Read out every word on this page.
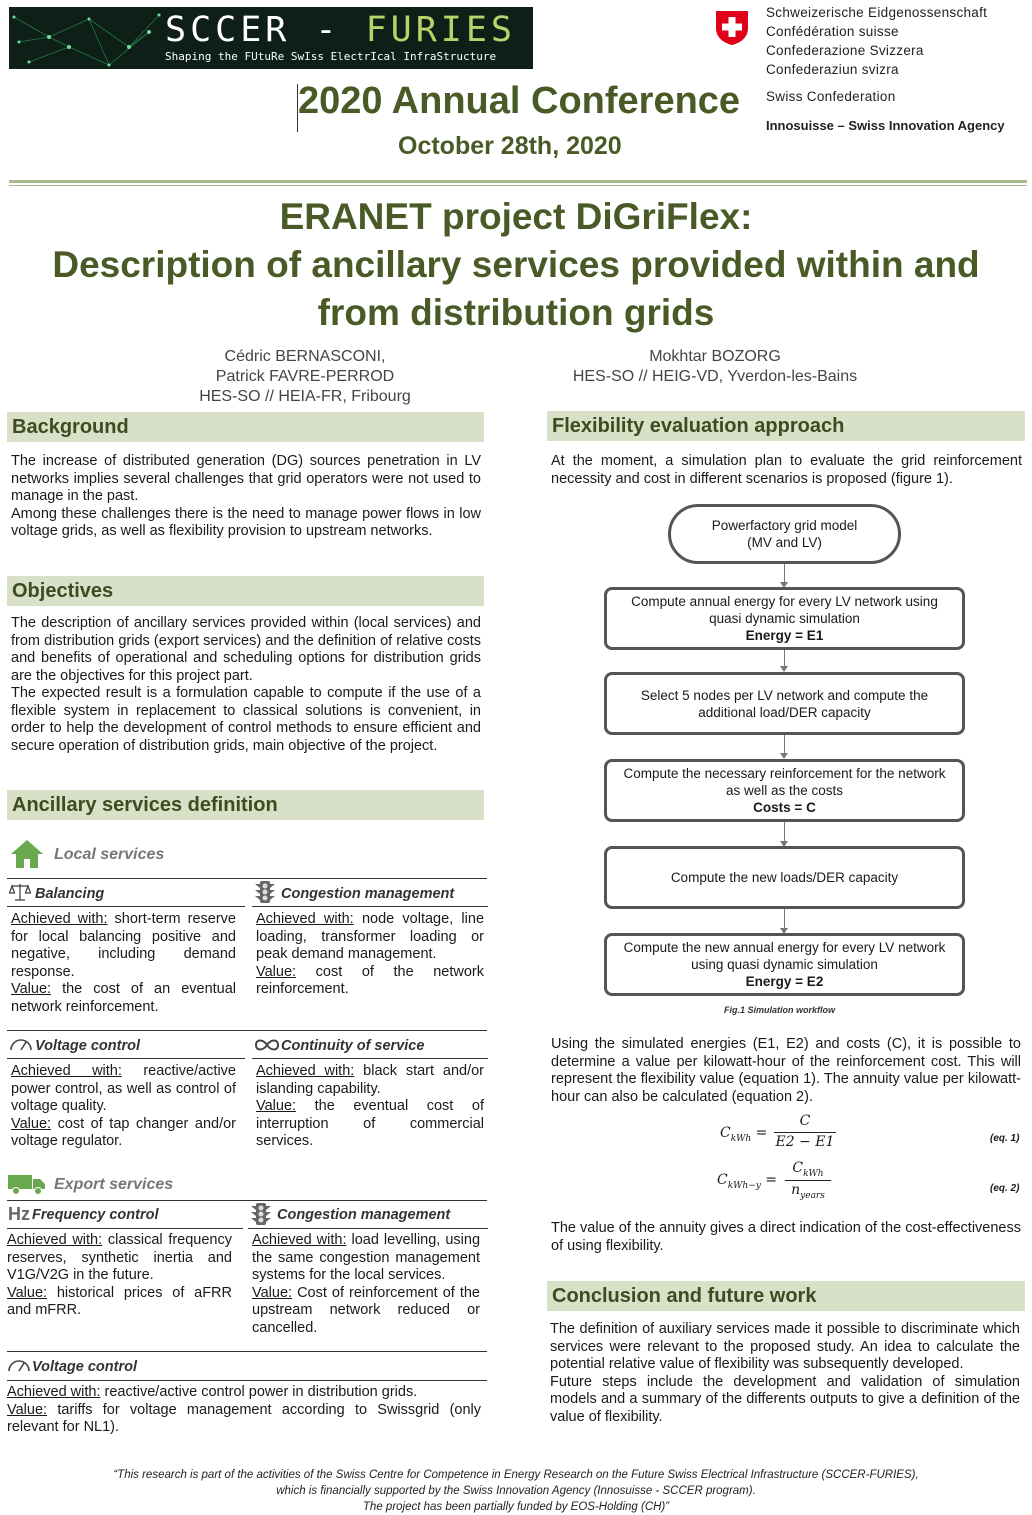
SCCER - FURIES
Shaping the FUtuRe SwIss ElectrIcal InfraStructure
2020 Annual Conference
October 28th, 2020
Schweizerische Eidgenossenschaft
Confédération suisse
Confederazione Svizzera
Confederaziun svizra
Swiss Confederation
Innosuisse – Swiss Innovation Agency
ERANET project DiGriFlex:
Description of ancillary services provided within and
from distribution grids
Cédric BERNASCONI,
Patrick FAVRE-PERROD
HES-SO // HEIA-FR, Fribourg
Mokhtar BOZORG
HES-SO // HEIG-VD, Yverdon-les-Bains
Background
The increase of distributed generation (DG) sources penetration in LV networks implies several challenges that grid operators were not used to manage in the past.
Among these challenges there is the need to manage power flows in low voltage grids, as well as flexibility provision to upstream networks.
Objectives
The description of ancillary services provided within (local services) and from distribution grids (export services) and the definition of relative costs and benefits of operational and scheduling options for distribution grids are the objectives for this project part.
The expected result is a formulation capable to compute if the use of a flexible system in replacement to classical solutions is convenient, in order to help the development of control methods to ensure efficient and secure operation of distribution grids, main objective of the project.
Ancillary services definition
Local services
Balancing
Achieved with: short-term reserve for local balancing positive and negative, including demand response.
Value: the cost of an eventual network reinforcement.
Congestion management
Achieved with: node voltage, line loading, transformer loading or peak demand management.
Value: cost of the network reinforcement.
Voltage control
Achieved with: reactive/active power control, as well as control of voltage quality.
Value: cost of tap changer and/or voltage regulator.
Continuity of service
Achieved with: black start and/or islanding capability.
Value: the eventual cost of interruption of commercial services.
Export services
Hz Frequency control
Achieved with: classical frequency reserves, synthetic inertia and V1G/V2G in the future.
Value: historical prices of aFRR and mFRR.
Congestion management
Achieved with: load levelling, using the same congestion management systems for the local services.
Value: Cost of reinforcement of the upstream network reduced or cancelled.
Voltage control
Achieved with: reactive/active control power in distribution grids.
Value: tariffs for voltage management according to Swissgrid (only relevant for NL1).
Flexibility evaluation approach
At the moment, a simulation plan to evaluate the grid reinforcement necessity and cost in different scenarios is proposed (figure 1).
Powerfactory grid model
(MV and LV)
Compute annual energy for every LV network using
quasi dynamic simulation
Energy = E1
Select 5 nodes per LV network and compute the
additional load/DER capacity
Compute the necessary reinforcement for the network
as well as the costs
Costs = C
Compute the new loads/DER capacity
Compute the new annual energy for every LV network
using quasi dynamic simulation
Energy = E2
Fig.1 Simulation workflow
Using the simulated energies (E1, E2) and costs (C), it is possible to determine a value per kilowatt-hour of the reinforcement cost. This will represent the flexibility value (equation 1). The annuity value per kilowatt-hour can also be calculated (equation 2).
$C_{kWh}$ =
C
E2 − E1	(eq. 1)
$C_{kWh-y}$ =
$C_{kWh}$
$n_{years}$
(eq. 2)
The value of the annuity gives a direct indication of the cost-effectiveness of using flexibility.
Conclusion and future work
The definition of auxiliary services made it possible to discriminate which services were relevant to the proposed study. An idea to calculate the potential relative value of flexibility was subsequently developed.
Future steps include the development and validation of simulation models and a summary of the differents outputs to give a definition of the value of flexibility.
“This research is part of the activities of the Swiss Centre for Competence in Energy Research on the Future Swiss Electrical Infrastructure (SCCER-FURIES),
which is financially supported by the Swiss Innovation Agency (Innosuisse - SCCER program).
The project has been partially funded by EOS-Holding (CH)”
